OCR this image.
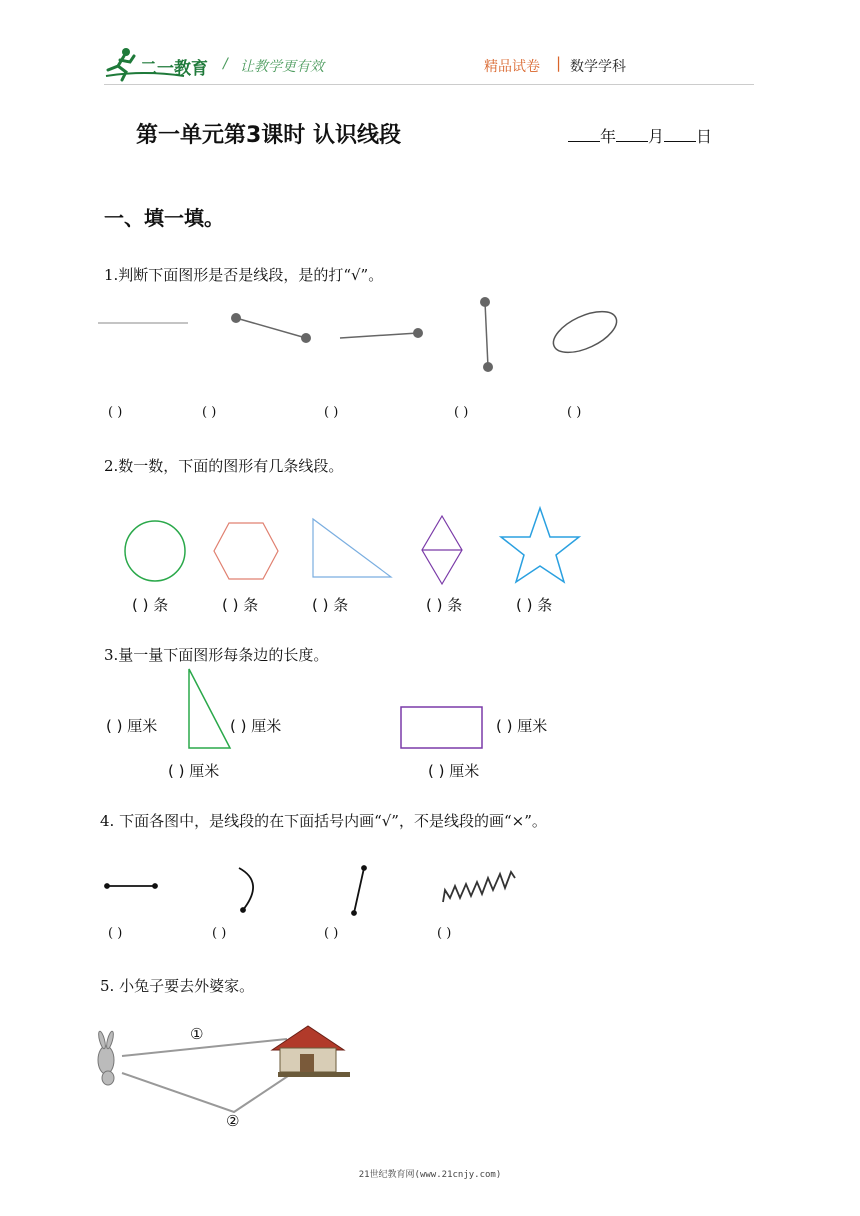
二一教育 / 让教学更有效	精品试卷 | 数学学科
第一单元第3课时 认识线段	年 月 日
一、填一填。
1.判断下面图形是否是线段，是的打“√”。
( )	( )	( )	( )	( )
2.数一数，下面的图形有几条线段。
( ) 条	( ) 条	( ) 条	( ) 条	( ) 条
3.量一量下面图形每条边的长度。
( ) 厘米	( ) 厘米
( ) 厘米
( ) 厘米
( ) 厘米
4. 下面各图中，是线段的在下面括号内画“√”，不是线段的画“×”。
( )	( )	( )	( )
5. 小兔子要去外婆家。
①
②
21世纪教育网(www.21cnjy.com)
